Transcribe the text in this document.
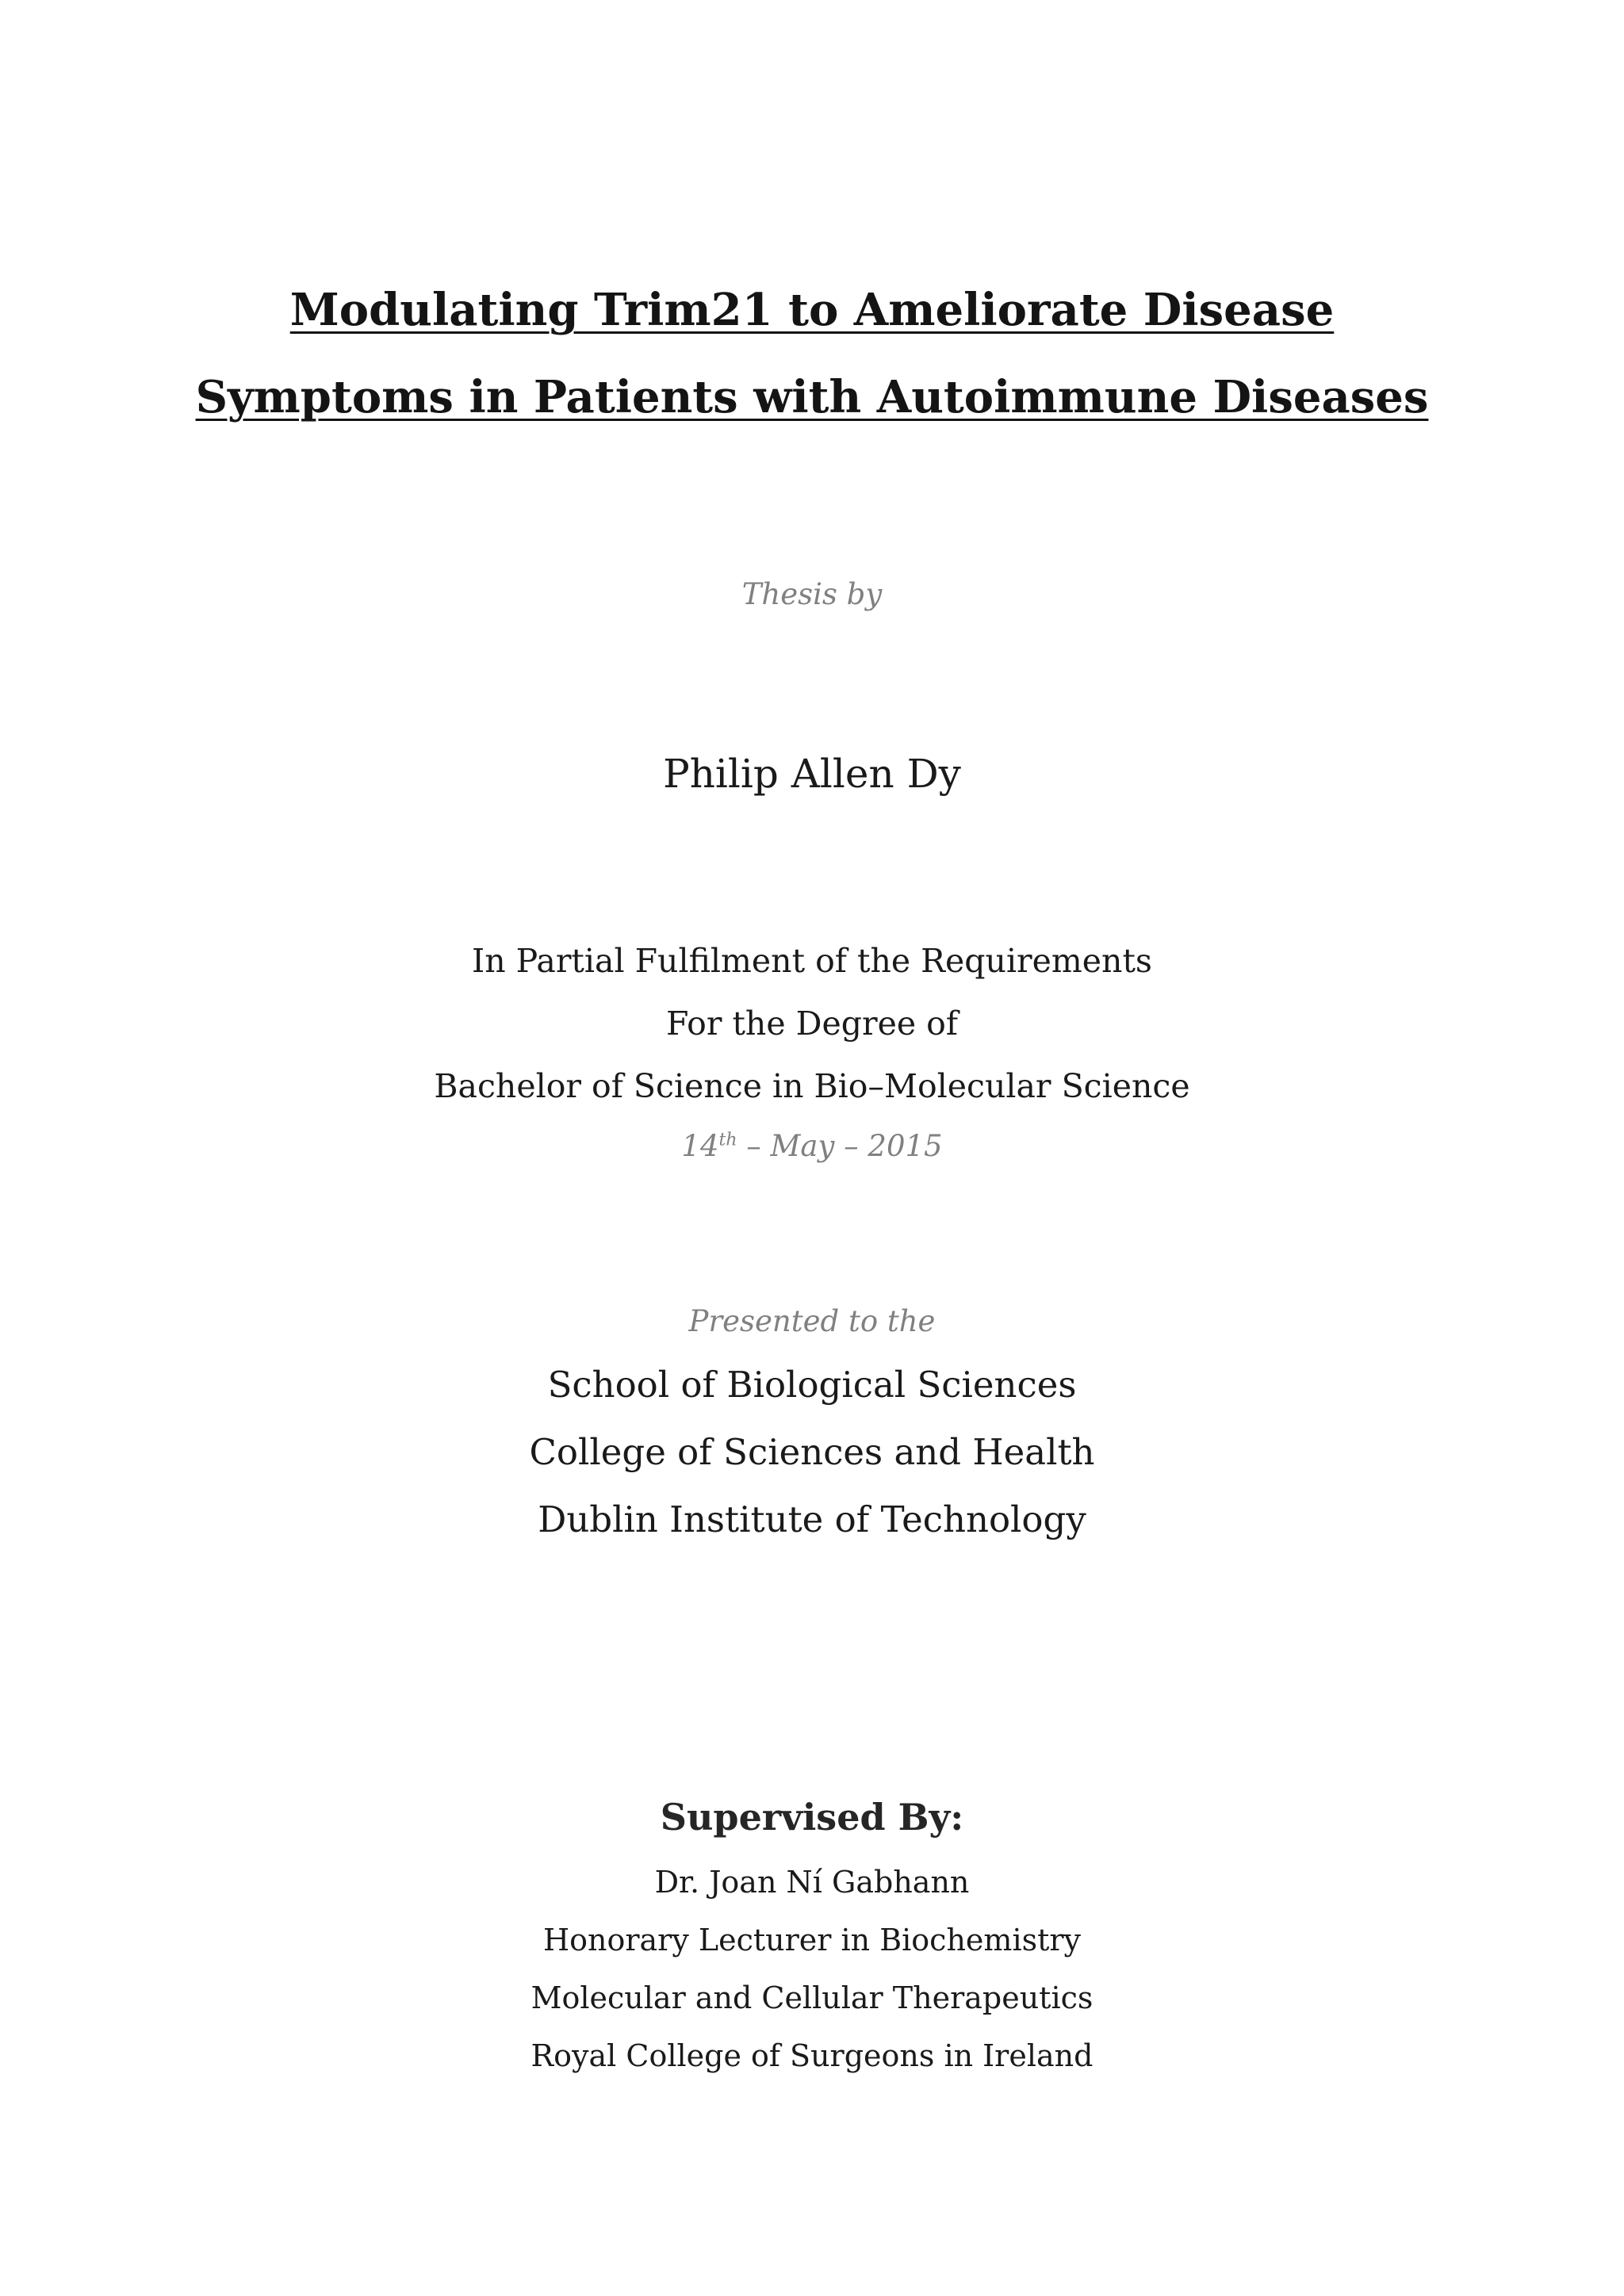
Modulating Trim21 to Ameliorate Disease
Symptoms in Patients with Autoimmune Diseases

Thesis by

Philip Allen Dy

In Partial Fulfilment of the Requirements

For the Degree of

Bachelor of Science in Bio–Molecular Science

14th – May – 2015

Presented to the

School of Biological Sciences

College of Sciences and Health

Dublin Institute of Technology

Supervised By:

Dr. Joan Ní Gabhann

Honorary Lecturer in Biochemistry

Molecular and Cellular Therapeutics

Royal College of Surgeons in Ireland
